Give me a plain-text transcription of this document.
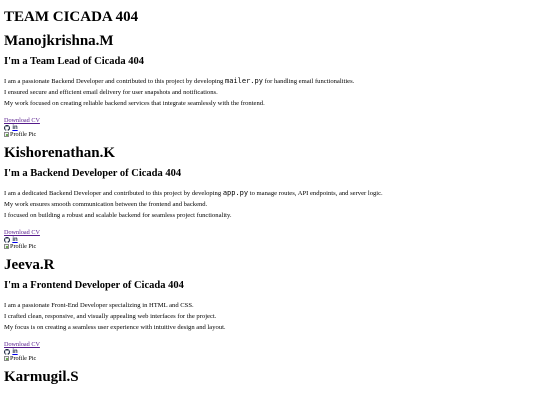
TEAM CICADA 404
Manojkrishna.M
I'm a Team Lead of Cicada 404

I am a passionate Backend Developer and contributed to this project by developing mailer.py for handling email functionalities.

I ensured secure and efficient email delivery for user snapshots and notifications.

My work focused on creating reliable backend services that integrate seamlessly with the frontend.

Download CV
in
Profile Pic
Kishorenathan.K
I'm a Backend Developer of Cicada 404

I am a dedicated Backend Developer and contributed to this project by developing app.py to manage routes, API endpoints, and server logic.

My work ensures smooth communication between the frontend and backend.

I focused on building a robust and scalable backend for seamless project functionality.

Download CV
in
Profile Pic
Jeeva.R
I'm a Frontend Developer of Cicada 404

I am a passionate Front-End Developer specializing in HTML and CSS.

I crafted clean, responsive, and visually appealing web interfaces for the project.

My focus is on creating a seamless user experience with intuitive design and layout.

Download CV
in
Profile Pic
Karmugil.S
